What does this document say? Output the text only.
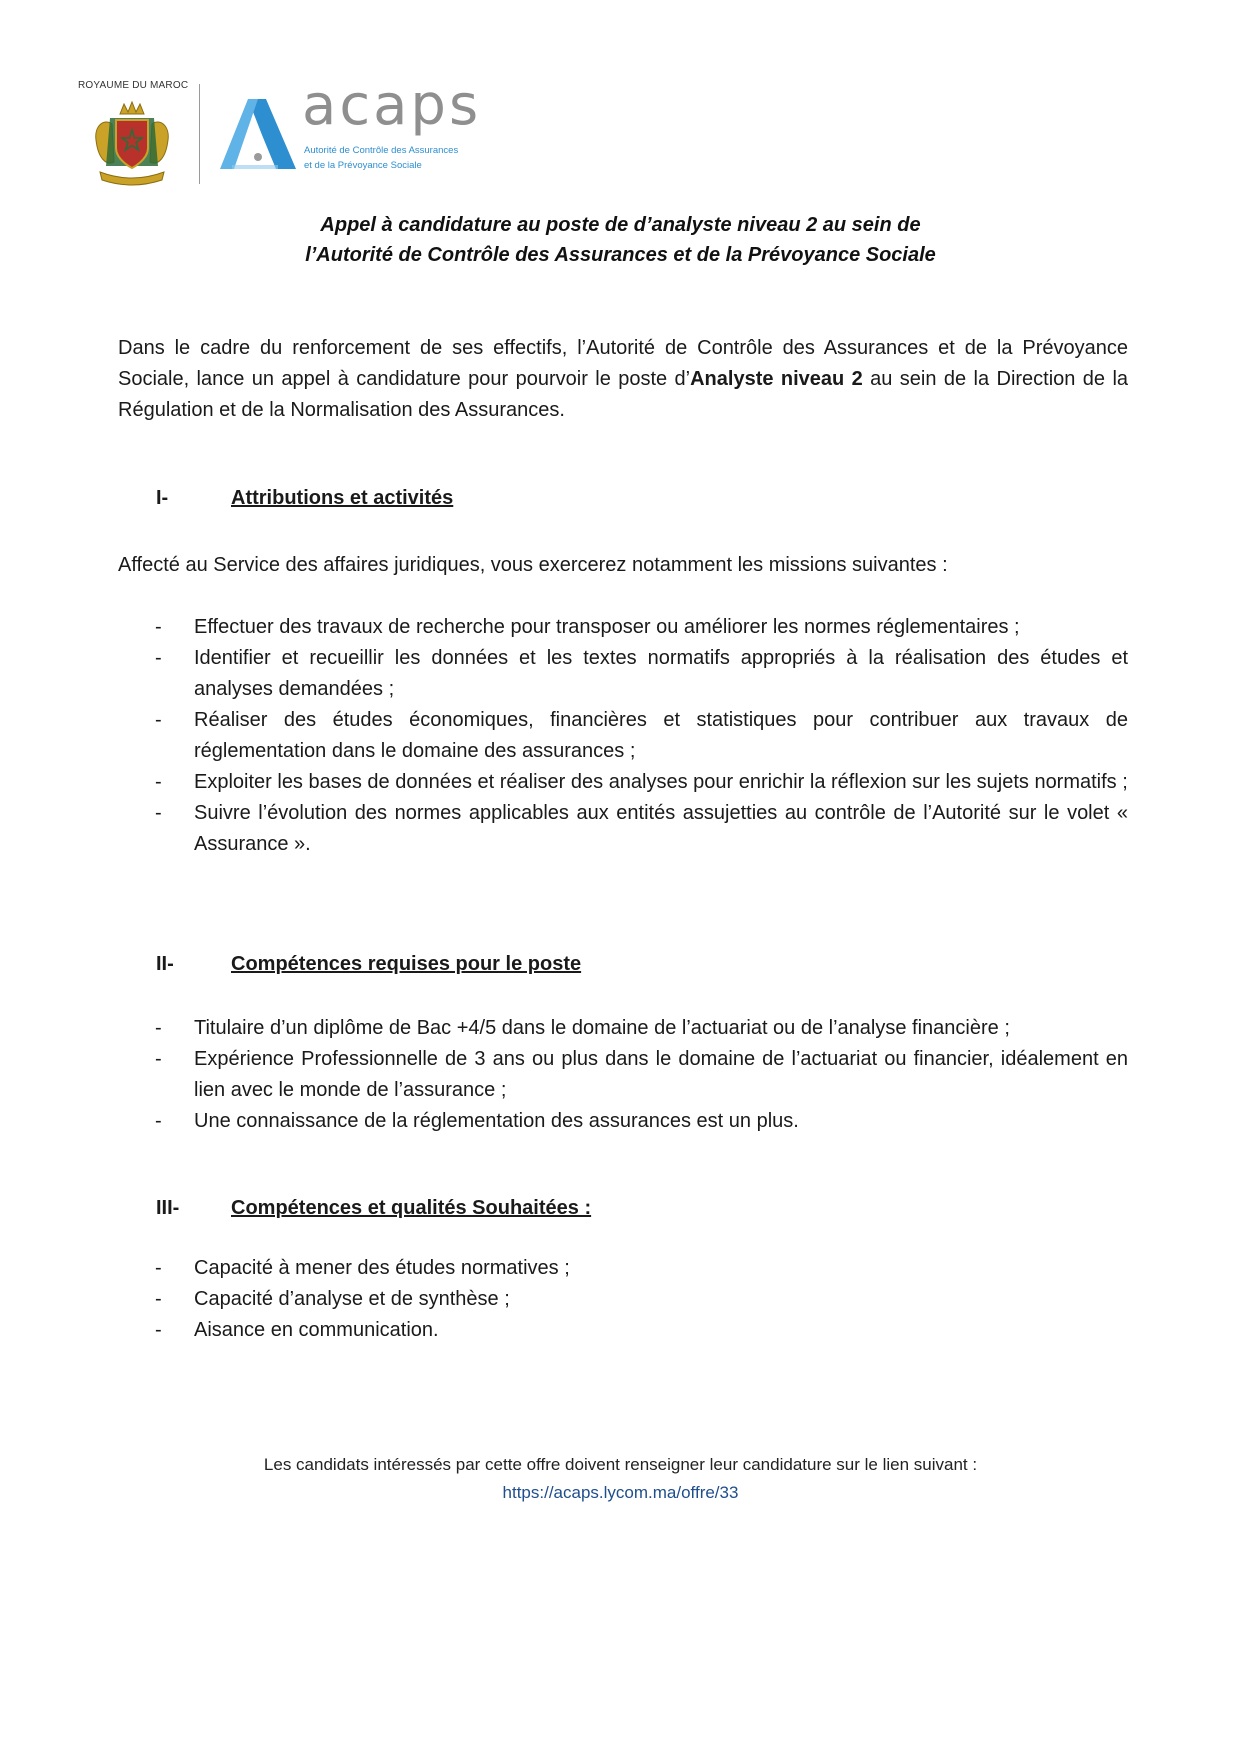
ROYAUME DU MAROC acaps
Autorité de Contrôle des Assurances
et de la Prévoyance Sociale
Appel à candidature au poste de d’analyste niveau 2 au sein de
l’Autorité de Contrôle des Assurances et de la Prévoyance Sociale

Dans le cadre du renforcement de ses effectifs, l’Autorité de Contrôle des Assurances et de la Prévoyance Sociale, lance un appel à candidature pour pourvoir le poste d’Analyste niveau 2 au sein de la Direction de la Régulation et de la Normalisation des Assurances.

I-	Attributions et activités
Affecté au Service des affaires juridiques, vous exercerez notamment les missions suivantes :
- Effectuer des travaux de recherche pour transposer ou améliorer les normes réglementaires ;
- Identifier et recueillir les données et les textes normatifs appropriés à la réalisation des études et analyses demandées ;
- Réaliser des études économiques, financières et statistiques pour contribuer aux travaux de réglementation dans le domaine des assurances ;
- Exploiter les bases de données et réaliser des analyses pour enrichir la réflexion sur les sujets normatifs ;
- Suivre l’évolution des normes applicables aux entités assujetties au contrôle de l’Autorité sur le volet « Assurance ».
II-	Compétences requises pour le poste
- Titulaire d’un diplôme de Bac +4/5 dans le domaine de l’actuariat ou de l’analyse financière ;
- Expérience Professionnelle de 3 ans ou plus dans le domaine de l’actuariat ou financier, idéalement en lien avec le monde de l’assurance ;
- Une connaissance de la réglementation des assurances est un plus.
III-	Compétences et qualités Souhaitées :
- Capacité à mener des études normatives ;
- Capacité d’analyse et de synthèse ;
- Aisance en communication.
Les candidats intéressés par cette offre doivent renseigner leur candidature sur le lien suivant :
https://acaps.lycom.ma/offre/33
